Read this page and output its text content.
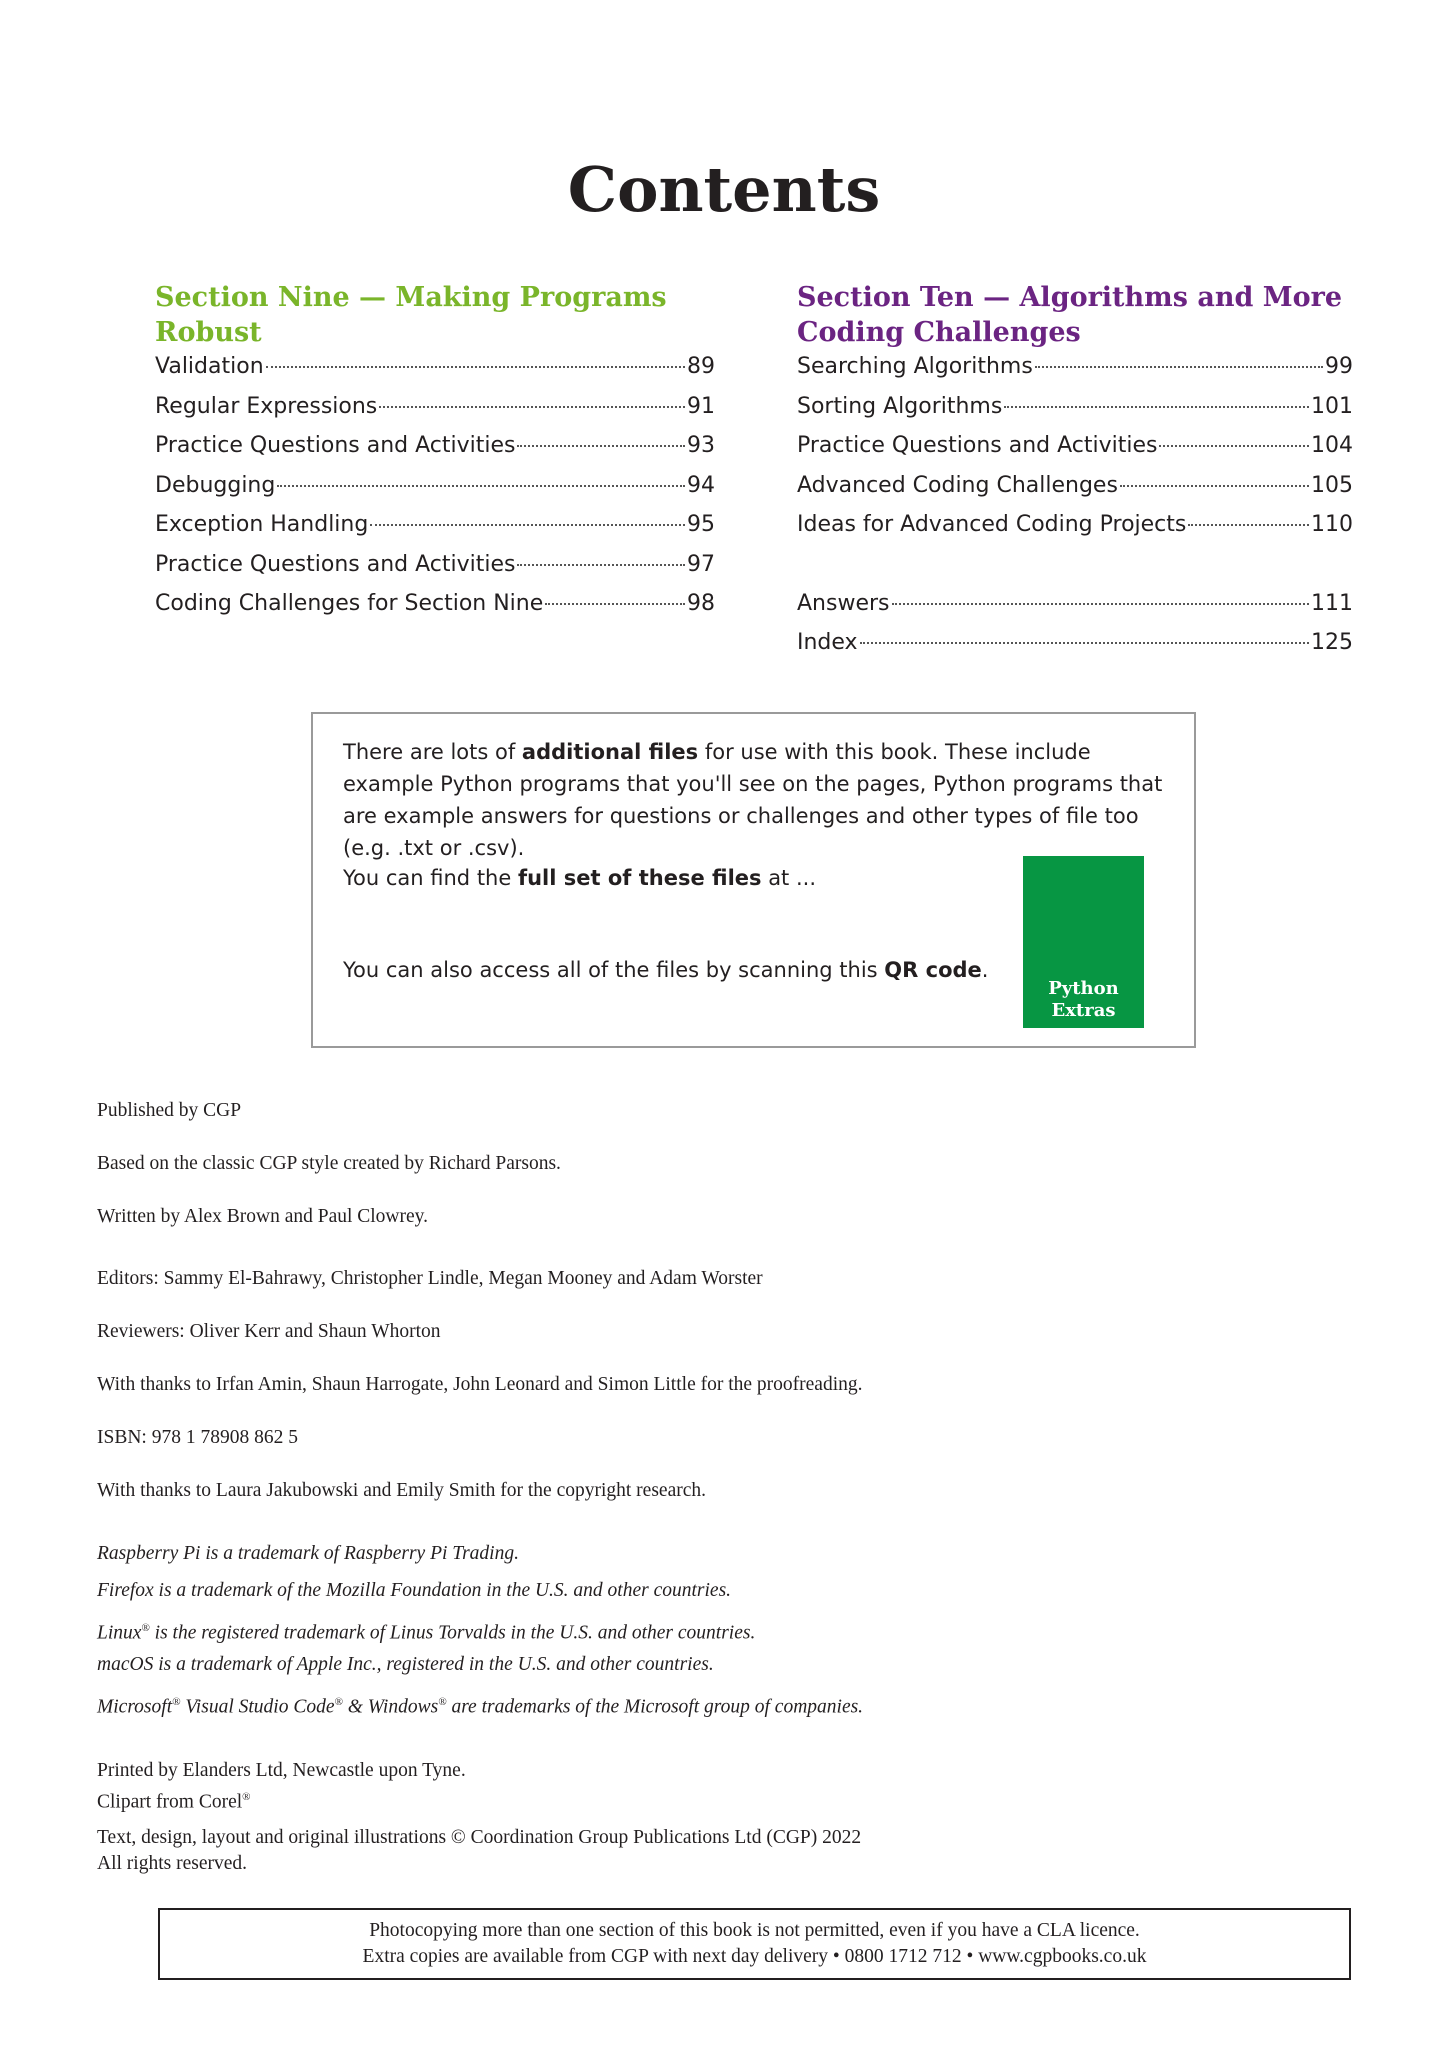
Contents
Section Nine — Making Programs Robust
Validation	89
Regular Expressions	91
Practice Questions and Activities	93
Debugging	94
Exception Handling	95
Practice Questions and Activities	97
Coding Challenges for Section Nine	98
Section Ten — Algorithms and More Coding Challenges
Searching Algorithms	99
Sorting Algorithms	101
Practice Questions and Activities	104
Advanced Coding Challenges	105
Ideas for Advanced Coding Projects	110
Answers	111
Index	125

There are lots of additional files for use with this book. These include example Python programs that you'll see on the pages, Python programs that are example answers for questions or challenges and other types of file too (e.g. .txt or .csv).

You can find the full set of these files at ...

You can also access all of the files by scanning this QR code.

Python
Extras

Published by CGP

Based on the classic CGP style created by Richard Parsons.

Written by Alex Brown and Paul Clowrey.

Editors: Sammy El-Bahrawy, Christopher Lindle, Megan Mooney and Adam Worster

Reviewers: Oliver Kerr and Shaun Whorton

With thanks to Irfan Amin, Shaun Harrogate, John Leonard and Simon Little for the proofreading.

ISBN: 978 1 78908 862 5

With thanks to Laura Jakubowski and Emily Smith for the copyright research.

Raspberry Pi is a trademark of Raspberry Pi Trading.

Firefox is a trademark of the Mozilla Foundation in the U.S. and other countries.

Linux® is the registered trademark of Linus Torvalds in the U.S. and other countries.

macOS is a trademark of Apple Inc., registered in the U.S. and other countries.

Microsoft® Visual Studio Code® & Windows® are trademarks of the Microsoft group of companies.

Printed by Elanders Ltd, Newcastle upon Tyne.

Clipart from Corel®

Text, design, layout and original illustrations © Coordination Group Publications Ltd (CGP) 2022

All rights reserved.

Photocopying more than one section of this book is not permitted, even if you have a CLA licence.
Extra copies are available from CGP with next day delivery • 0800 1712 712 • www.cgpbooks.co.uk
